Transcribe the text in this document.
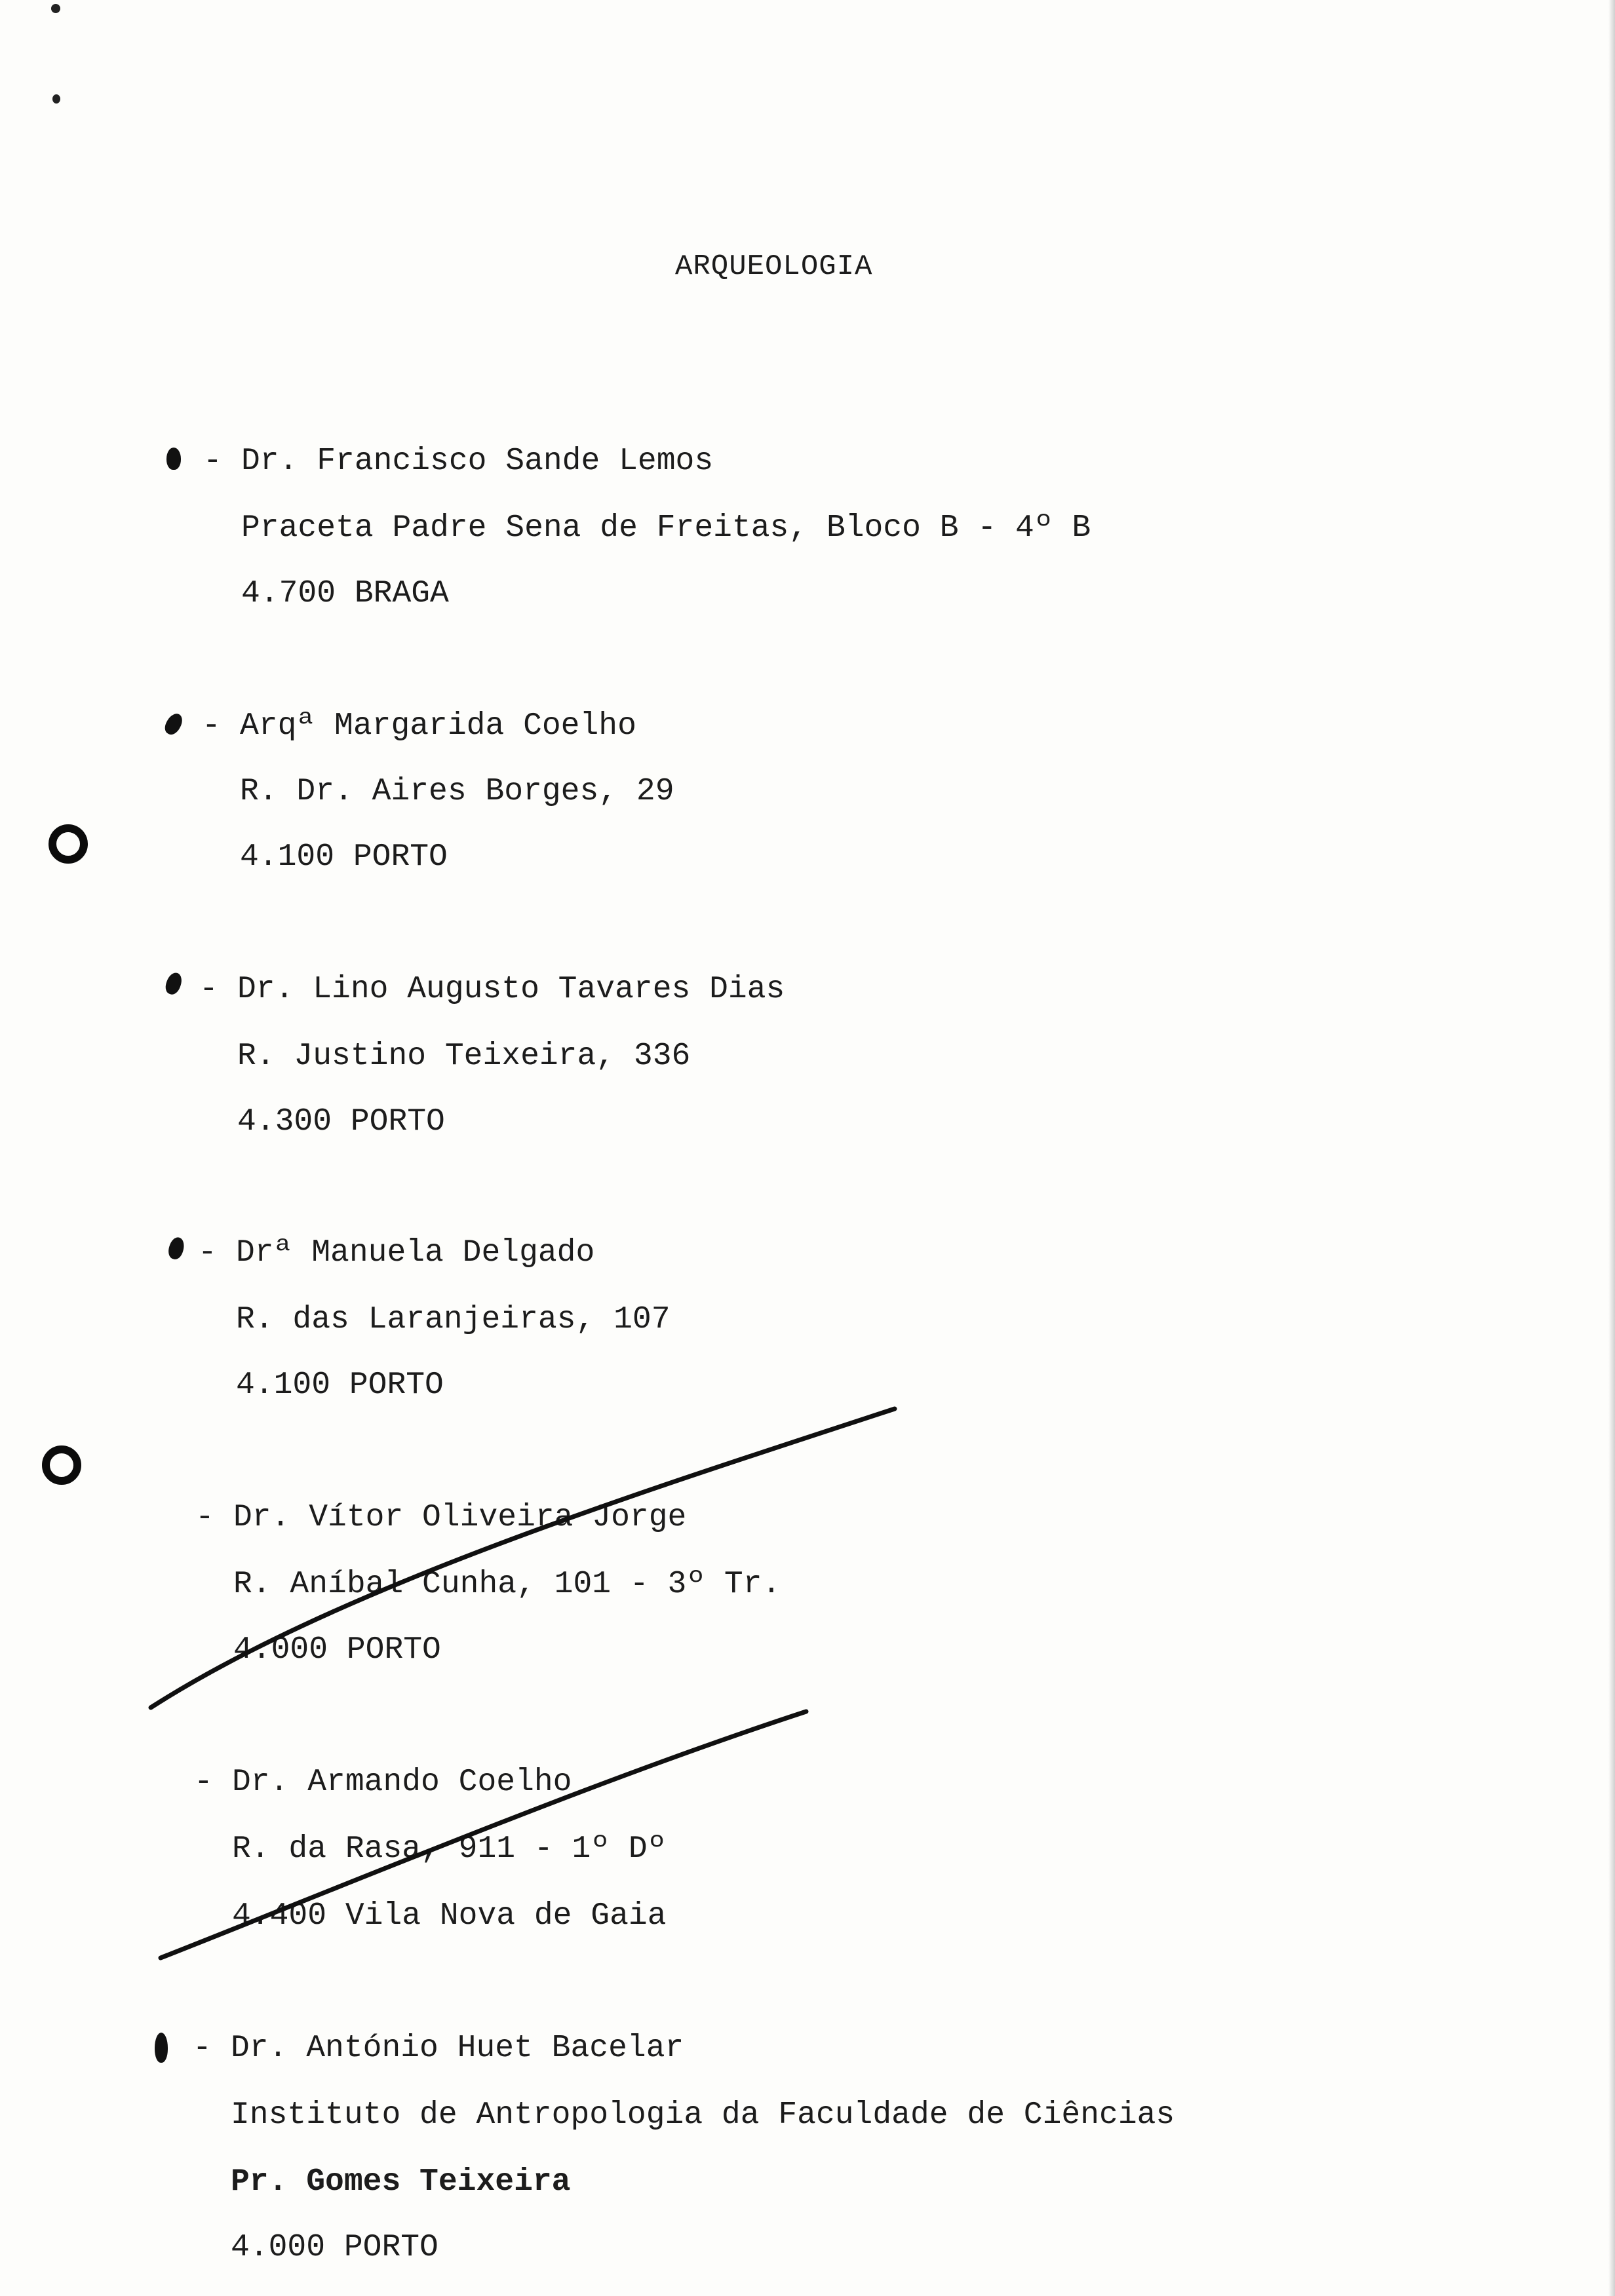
ARQUEOLOGIA
- Dr. Francisco Sande Lemos
Praceta Padre Sena de Freitas, Bloco B - 4º B
4.700 BRAGA
- Arqª Margarida Coelho
R. Dr. Aires Borges, 29
4.100 PORTO
- Dr. Lino Augusto Tavares Dias
R. Justino Teixeira, 336
4.300 PORTO
- Drª Manuela Delgado
R. das Laranjeiras, 107
4.100 PORTO
- Dr. Vítor Oliveira Jorge
R. Aníbal Cunha, 101 - 3º Tr.
4.000 PORTO
- Dr. Armando Coelho
R. da Rasa, 911 - 1º Dº
4.400 Vila Nova de Gaia
- Dr. António Huet Bacelar
Instituto de Antropologia da Faculdade de Ciências
Pr. Gomes Teixeira
4.000 PORTO
